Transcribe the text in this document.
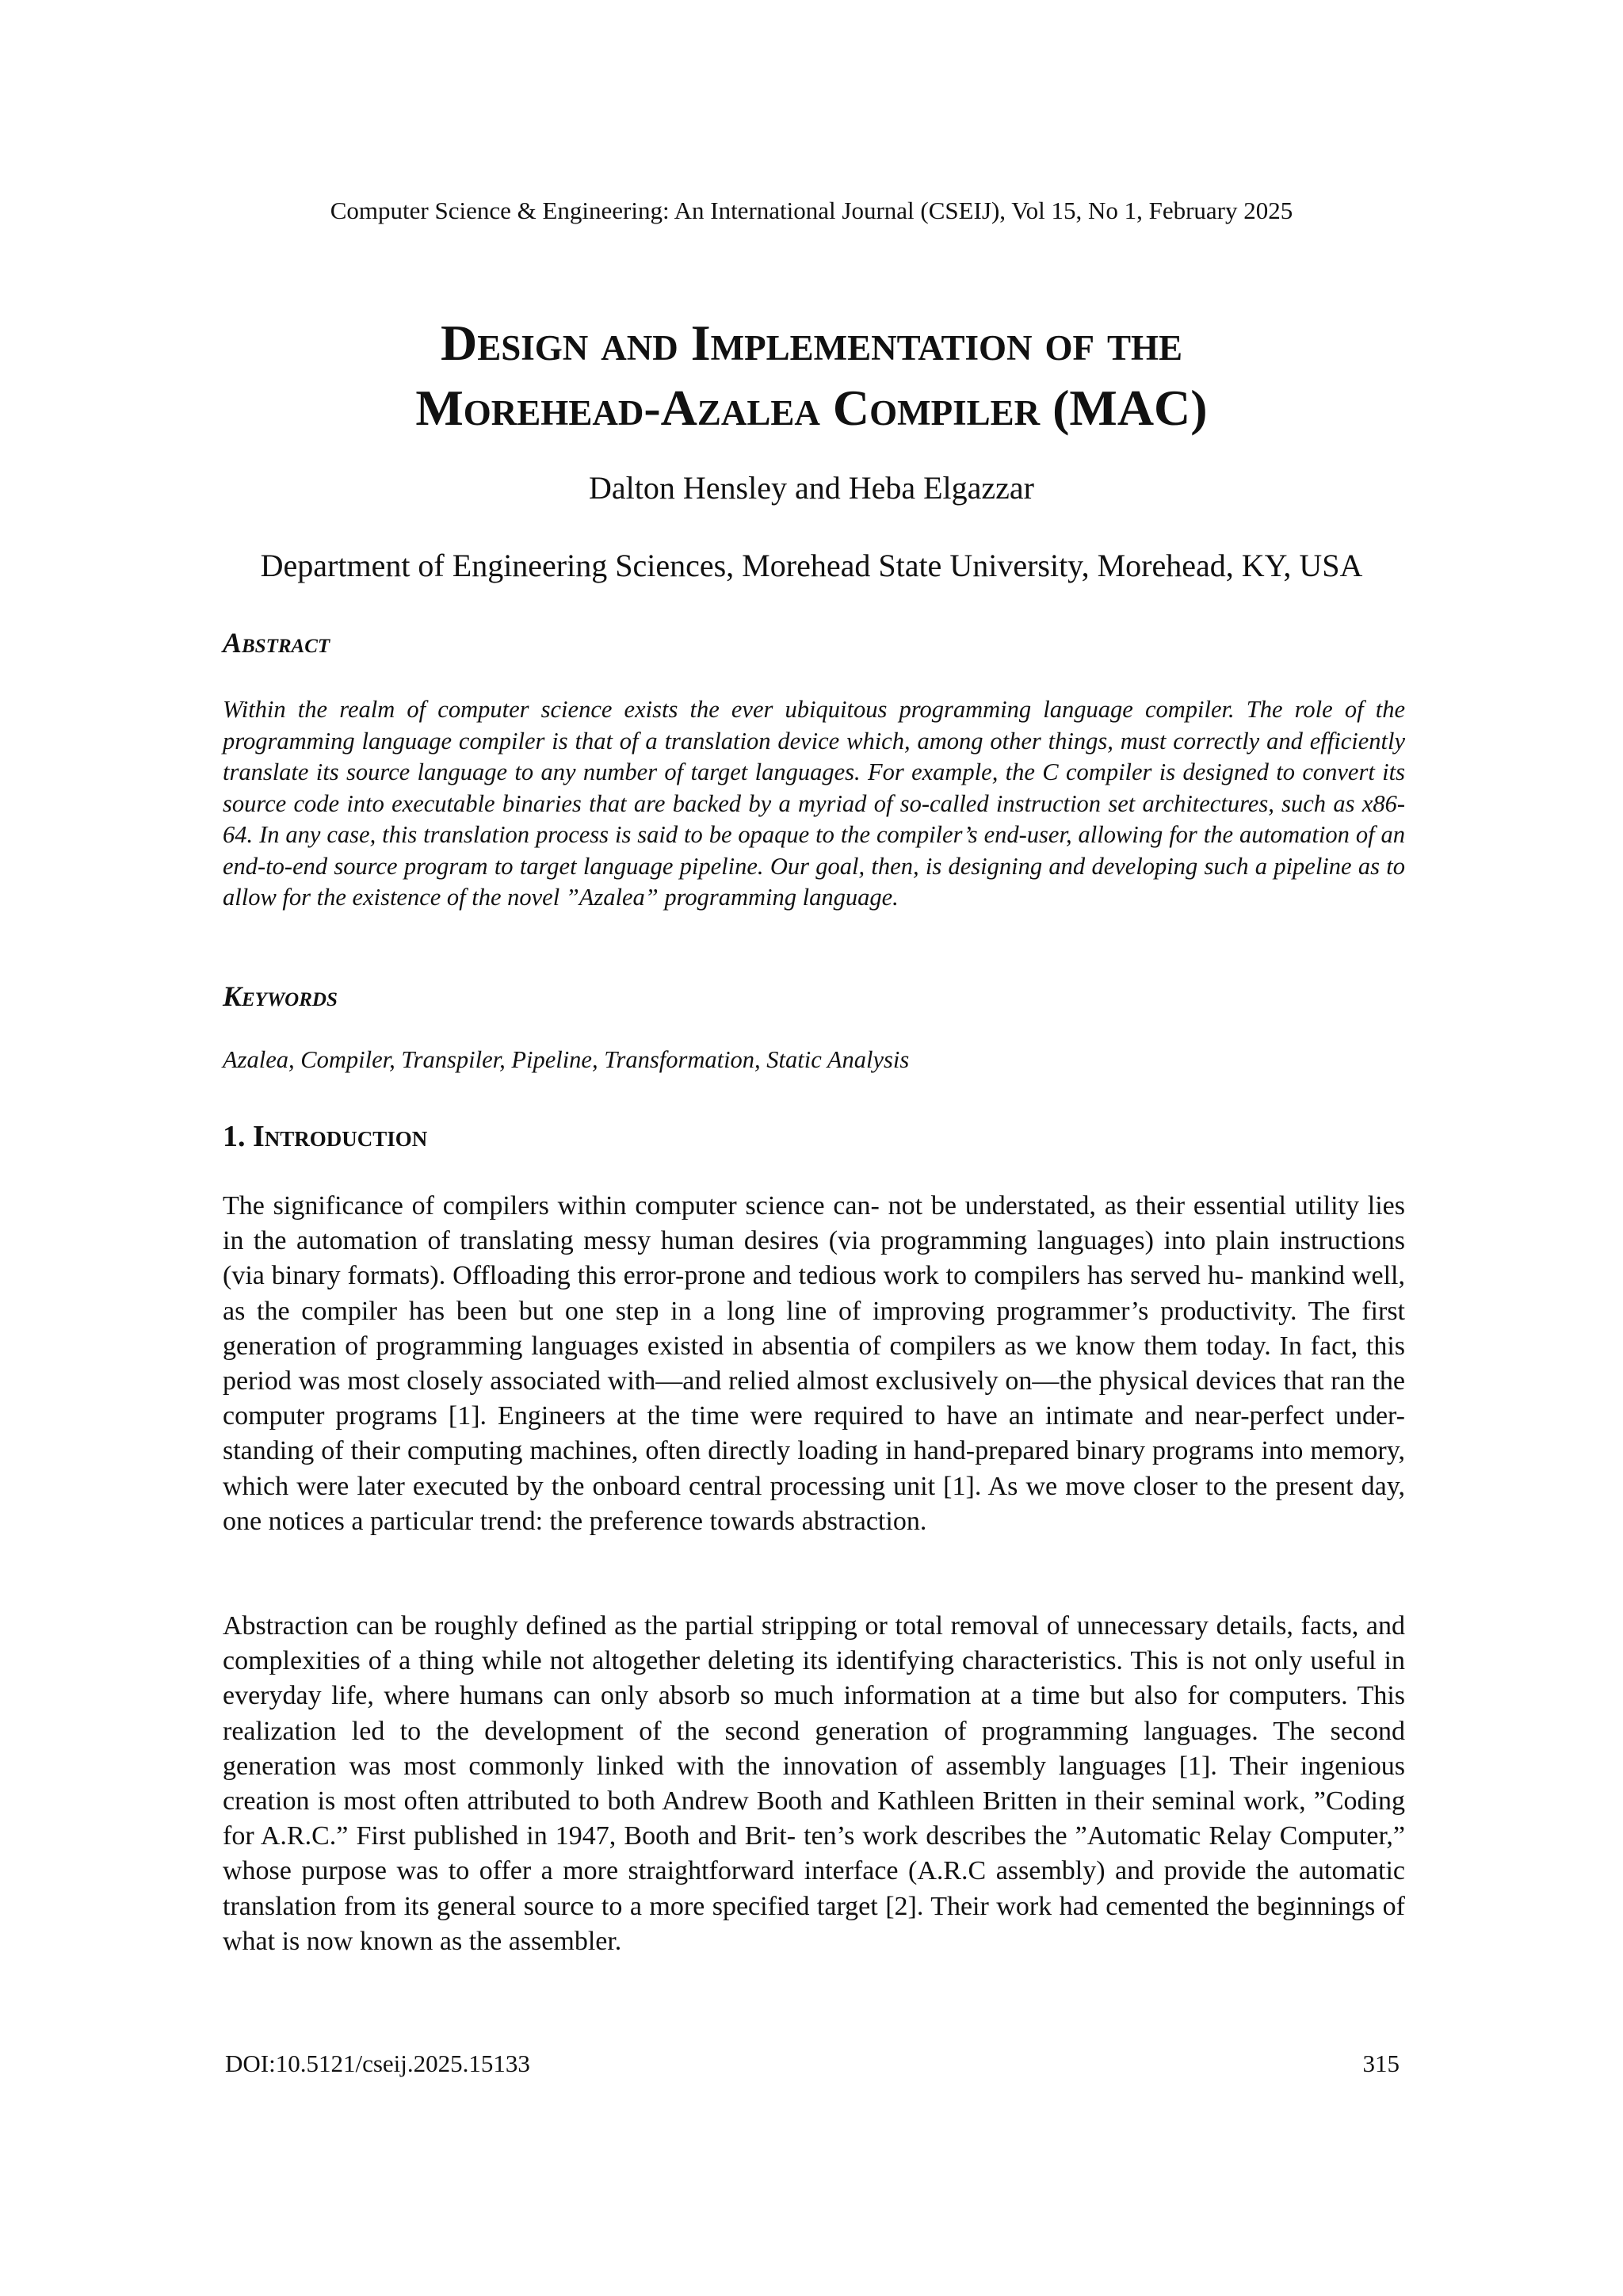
Computer Science & Engineering: An International Journal (CSEIJ), Vol 15, No 1, February 2025
Design and Implementation of the
Morehead-Azalea Compiler (MAC)
Dalton Hensley and Heba Elgazzar
Department of Engineering Sciences, Morehead State University, Morehead, KY, USA
Abstract
Within the realm of computer science exists the ever ubiquitous programming language compiler. The role of the programming language compiler is that of a translation device which, among other things, must correctly and efficiently translate its source language to any number of target languages. For example, the C compiler is designed to convert its source code into executable binaries that are backed by a myriad of so-called instruction set architectures, such as x86-64. In any case, this translation process is said to be opaque to the compiler’s end-user, allowing for the automation of an end-to-end source program to target language pipeline. Our goal, then, is designing and developing such a pipeline as to allow for the existence of the novel ”Azalea” programming language.
Keywords
Azalea, Compiler, Transpiler, Pipeline, Transformation, Static Analysis
1. Introduction
The significance of compilers within computer science can- not be understated, as their essential utility lies in the automation of translating messy human desires (via programming languages) into plain instructions (via binary formats). Offloading this error-prone and tedious work to compilers has served hu- mankind well, as the compiler has been but one step in a long line of improving programmer’s productivity. The first generation of programming languages existed in absentia of compilers as we know them today. In fact, this period was most closely associated with—and relied almost exclusively on—the physical devices that ran the computer programs [1]. Engineers at the time were required to have an intimate and near-perfect under- standing of their computing machines, often directly loading in hand-prepared binary programs into memory, which were later executed by the onboard central processing unit [1]. As we move closer to the present day, one notices a particular trend: the preference towards abstraction.
Abstraction can be roughly defined as the partial stripping or total removal of unnecessary details, facts, and complexities of a thing while not altogether deleting its identifying characteristics. This is not only useful in everyday life, where humans can only absorb so much information at a time but also for computers. This realization led to the development of the second generation of programming languages. The second generation was most commonly linked with the innovation of assembly languages [1]. Their ingenious creation is most often attributed to both Andrew Booth and Kathleen Britten in their seminal work, ”Coding for A.R.C.” First published in 1947, Booth and Brit- ten’s work describes the ”Automatic Relay Computer,” whose purpose was to offer a more straightforward interface (A.R.C assembly) and provide the automatic translation from its general source to a more specified target [2]. Their work had cemented the beginnings of what is now known as the assembler.
DOI:10.5121/cseij.2025.15133	315
